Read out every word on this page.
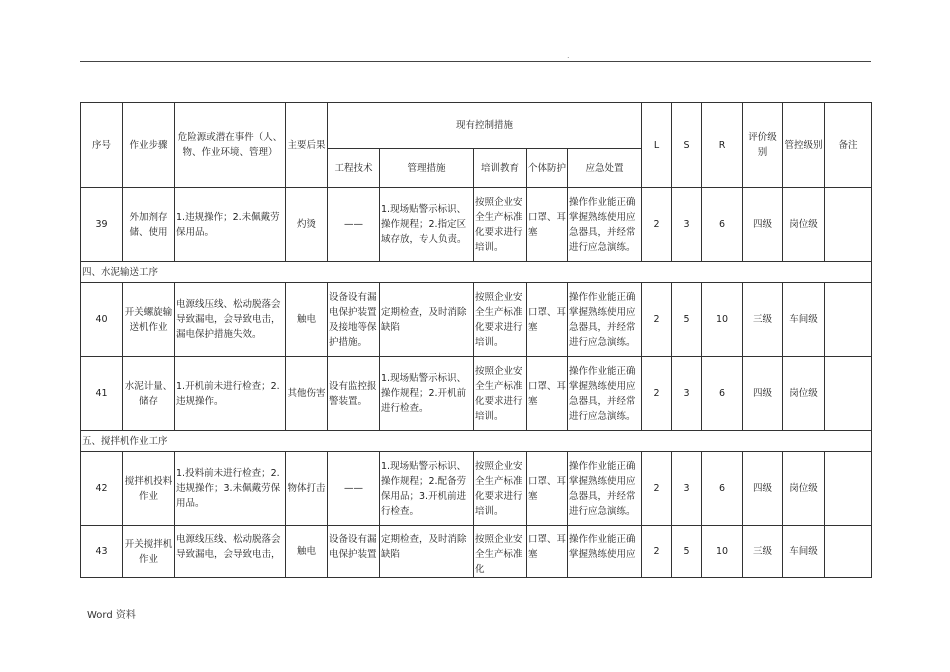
.
序号	作业步骤	危险源或潜在事件（人、物、作业环境、管理）	主要后果	现有控制措施					L	S	R	评价级别	管控级别	备注
				工程技术	管理措施	培训教育	个体防护	应急处置						
39	外加剂存储、使用	1.违规操作；2.未佩戴劳保用品。	灼烫	——	1.现场贴警示标识、操作规程；2.指定区域存放，专人负责。	按照企业安全生产标准化要求进行培训。	口罩、耳塞	操作作业能正确掌握熟练使用应急器具，并经常进行应急演练。	2	3	6	四级	岗位级	
四、水泥输送工序														
40	开关螺旋输送机作业	电源线压线、松动脱落会导致漏电，会导致电击，漏电保护措施失效。	触电	设备设有漏电保护装置及接地等保护措施。	定期检查，及时消除缺陷	按照企业安全生产标准化要求进行培训。	口罩、耳塞	操作作业能正确掌握熟练使用应急器具，并经常进行应急演练。	2	5	10	三级	车间级	
41	水泥计量、储存	1.开机前未进行检查；2.违规操作。	其他伤害	设有监控报警装置。	1.现场贴警示标识、操作规程；2.开机前进行检查。	按照企业安全生产标准化要求进行培训。	口罩、耳塞	操作作业能正确掌握熟练使用应急器具，并经常进行应急演练。	2	3	6	四级	岗位级	
五、搅拌机作业工序														
42	搅拌机投料作业	1.投料前未进行检查；2.违规操作；3.未佩戴劳保用品。	物体打击	——	1.现场贴警示标识、操作规程；2.配备劳保用品；3.开机前进行检查。	按照企业安全生产标准化要求进行培训。	口罩、耳塞	操作作业能正确掌握熟练使用应急器具，并经常进行应急演练。	2	3	6	四级	岗位级	
43	开关搅拌机作业	电源线压线、松动脱落会导致漏电，会导致电击，	触电	设备设有漏电保护装置	定期检查，及时消除缺陷	按照企业安全生产标准化	口罩、耳塞	操作作业能正确掌握熟练使用应	2	5	10	三级	车间级	
Word 资料
